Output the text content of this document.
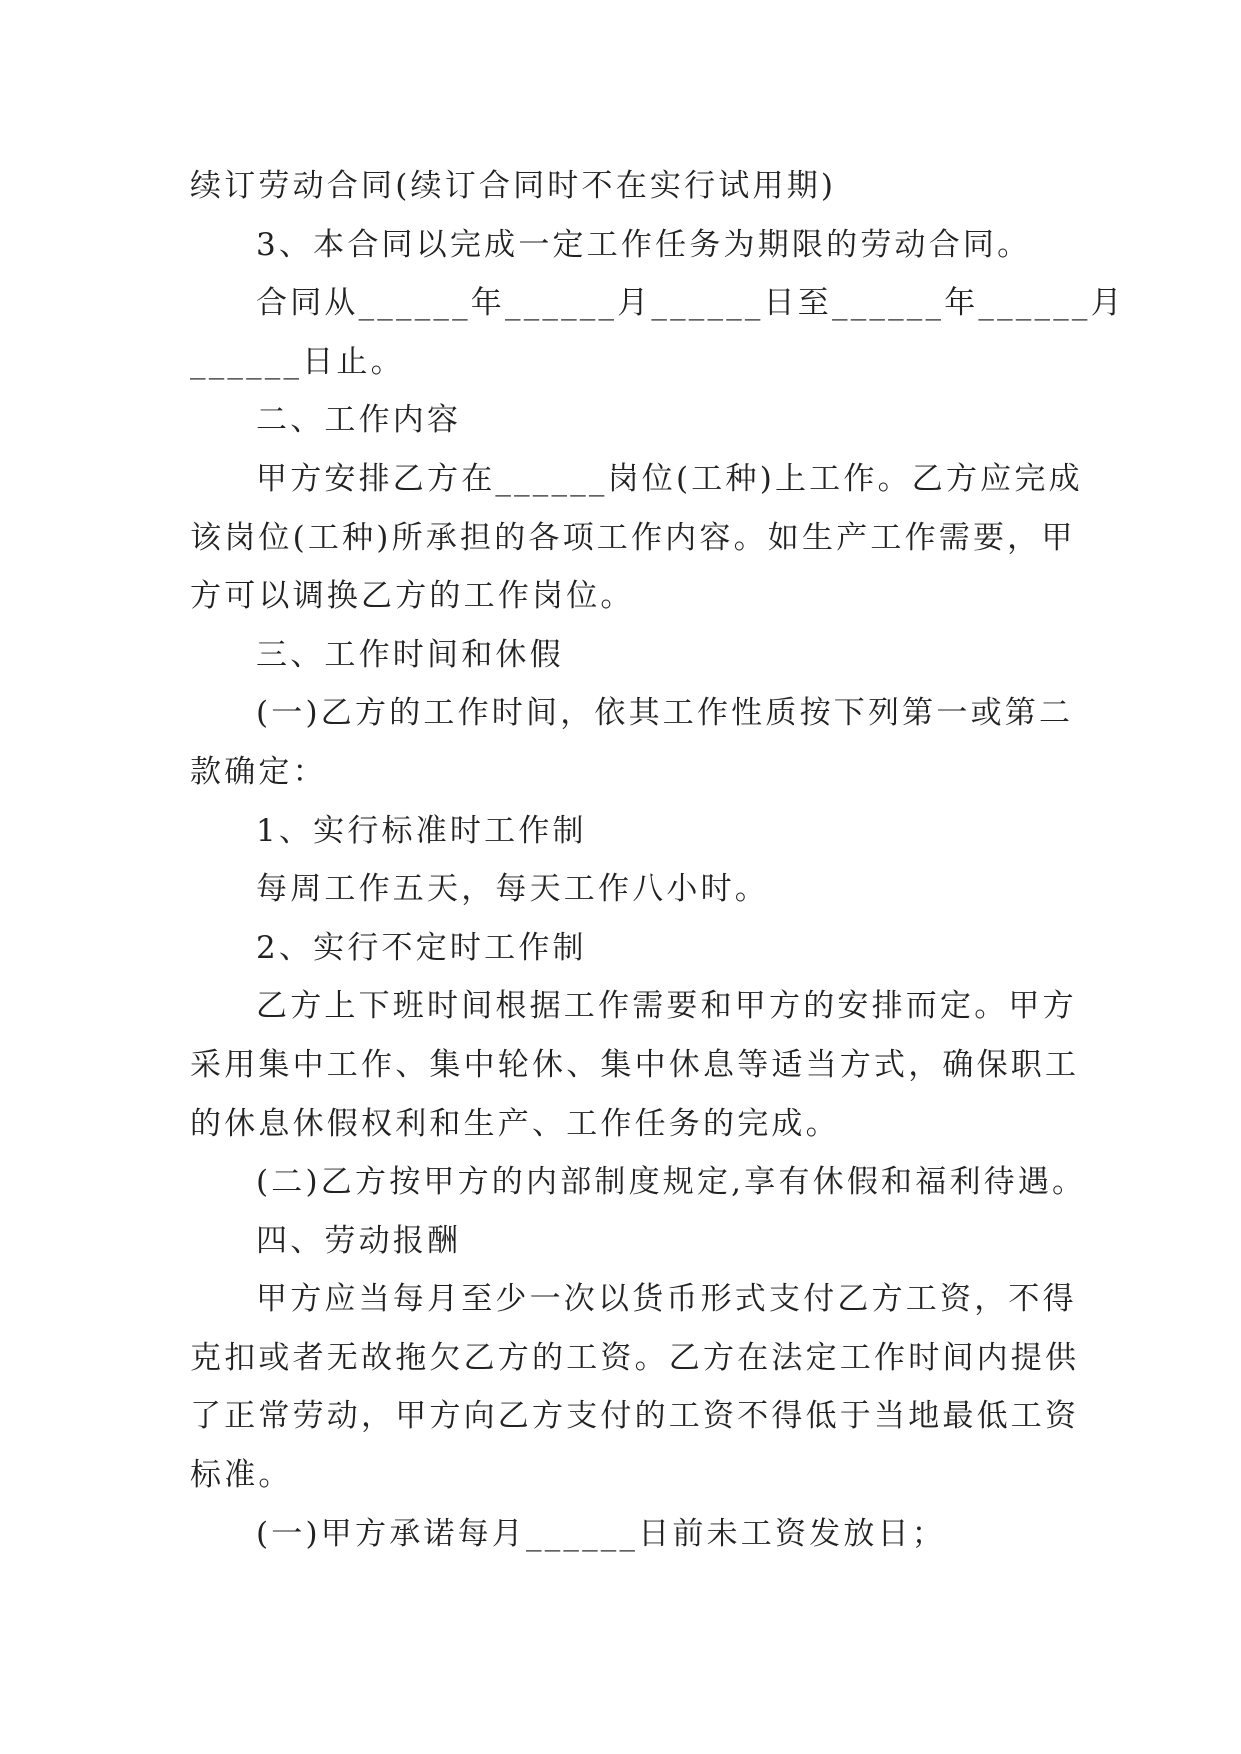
续订劳动合同(续订合同时不在实行试用期)
3、本合同以完成一定工作任务为期限的劳动合同。
合同从______年______月______日至______年______月
______日止。
二、工作内容
甲方安排乙方在______岗位(工种)上工作。乙方应完成
该岗位(工种)所承担的各项工作内容。如生产工作需要，甲
方可以调换乙方的工作岗位。
三、工作时间和休假
(一)乙方的工作时间，依其工作性质按下列第一或第二
款确定：
1、实行标准时工作制
每周工作五天，每天工作八小时。
2、实行不定时工作制
乙方上下班时间根据工作需要和甲方的安排而定。甲方
采用集中工作、集中轮休、集中休息等适当方式，确保职工
的休息休假权利和生产、工作任务的完成。
(二)乙方按甲方的内部制度规定,享有休假和福利待遇。
四、劳动报酬
甲方应当每月至少一次以货币形式支付乙方工资，不得
克扣或者无故拖欠乙方的工资。乙方在法定工作时间内提供
了正常劳动，甲方向乙方支付的工资不得低于当地最低工资
标准。
(一)甲方承诺每月______日前未工资发放日；
